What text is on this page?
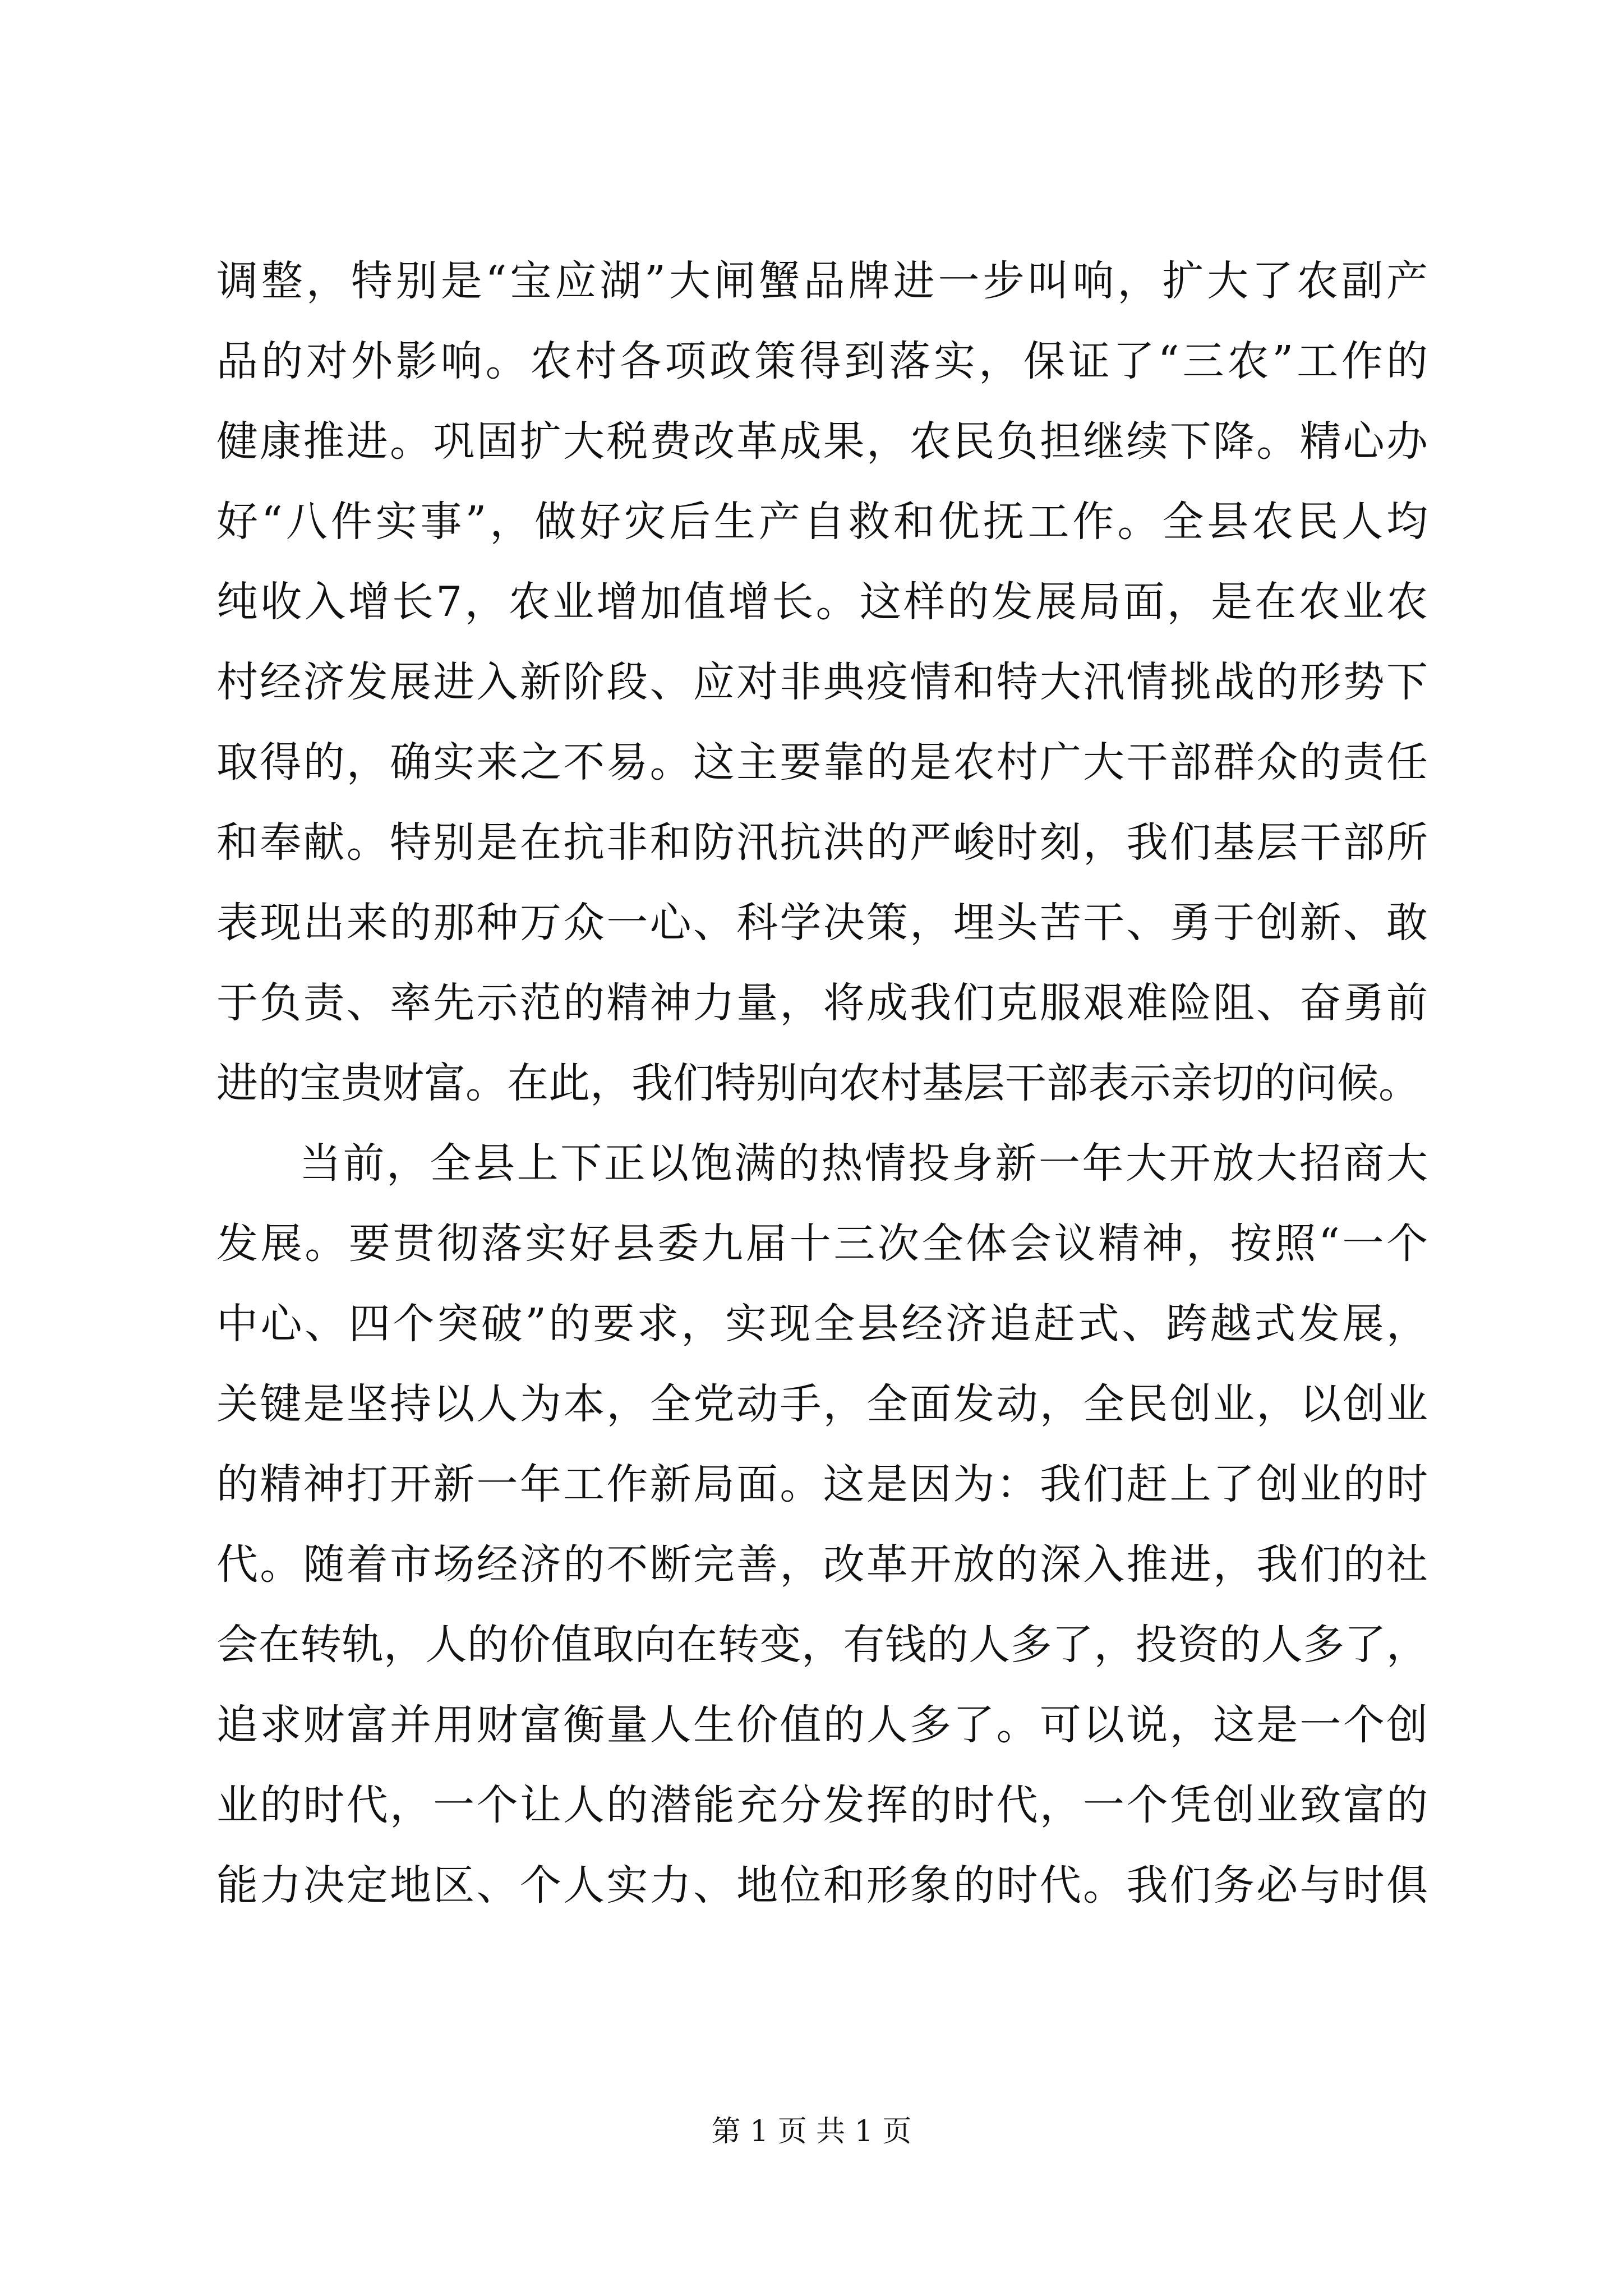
调整，特别是“宝应湖”大闸蟹品牌进一步叫响，扩大了农副产
品的对外影响。农村各项政策得到落实，保证了“三农”工作的
健康推进。巩固扩大税费改革成果，农民负担继续下降。精心办
好“八件实事”，做好灾后生产自救和优抚工作。全县农民人均
纯收入增长7，农业增加值增长。这样的发展局面，是在农业农
村经济发展进入新阶段、应对非典疫情和特大汛情挑战的形势下
取得的，确实来之不易。这主要靠的是农村广大干部群众的责任
和奉献。特别是在抗非和防汛抗洪的严峻时刻，我们基层干部所
表现出来的那种万众一心、科学决策，埋头苦干、勇于创新、敢
于负责、率先示范的精神力量，将成我们克服艰难险阻、奋勇前
进的宝贵财富。在此，我们特别向农村基层干部表示亲切的问候。
当前，全县上下正以饱满的热情投身新一年大开放大招商大
发展。要贯彻落实好县委九届十三次全体会议精神，按照“一个
中心、四个突破”的要求，实现全县经济追赶式、跨越式发展，
关键是坚持以人为本，全党动手，全面发动，全民创业，以创业
的精神打开新一年工作新局面。这是因为：我们赶上了创业的时
代。随着市场经济的不断完善，改革开放的深入推进，我们的社
会在转轨，人的价值取向在转变，有钱的人多了，投资的人多了，
追求财富并用财富衡量人生价值的人多了。可以说，这是一个创
业的时代，一个让人的潜能充分发挥的时代，一个凭创业致富的
能力决定地区、个人实力、地位和形象的时代。我们务必与时俱
第 1 页 共 1 页
